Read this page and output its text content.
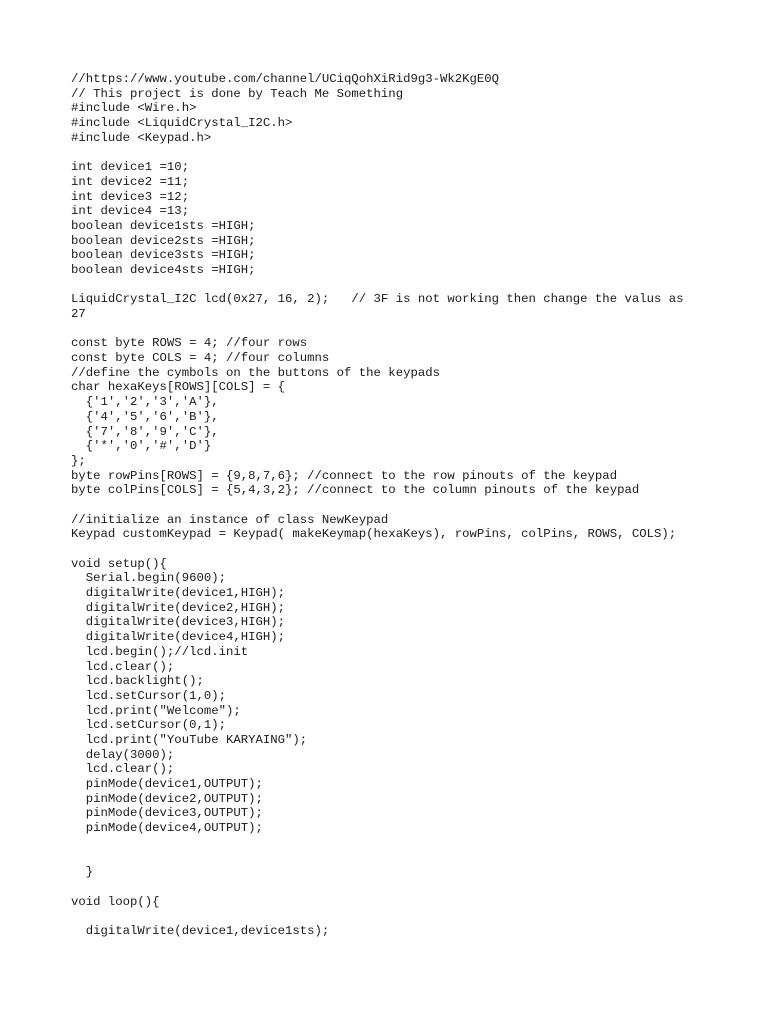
//https://www.youtube.com/channel/UCiqQohXiRid9g3-Wk2KgE0Q
// This project is done by Teach Me Something
#include <Wire.h>
#include <LiquidCrystal_I2C.h>
#include <Keypad.h>
int device1 =10;
int device2 =11;
int device3 =12;
int device4 =13;
boolean device1sts =HIGH;
boolean device2sts =HIGH;
boolean device3sts =HIGH;
boolean device4sts =HIGH;
LiquidCrystal_I2C lcd(0x27, 16, 2);   // 3F is not working then change the valus as
27
const byte ROWS = 4; //four rows
const byte COLS = 4; //four columns
//define the cymbols on the buttons of the keypads
char hexaKeys[ROWS][COLS] = {
{'1','2','3','A'},
{'4','5','6','B'},
{'7','8','9','C'},
{'*','0','#','D'}
};
byte rowPins[ROWS] = {9,8,7,6}; //connect to the row pinouts of the keypad
byte colPins[COLS] = {5,4,3,2}; //connect to the column pinouts of the keypad
//initialize an instance of class NewKeypad
Keypad customKeypad = Keypad( makeKeymap(hexaKeys), rowPins, colPins, ROWS, COLS);
void setup(){
Serial.begin(9600);
digitalWrite(device1,HIGH);
digitalWrite(device2,HIGH);
digitalWrite(device3,HIGH);
digitalWrite(device4,HIGH);
lcd.begin();//lcd.init
lcd.clear();
lcd.backlight();
lcd.setCursor(1,0);
lcd.print("Welcome");
lcd.setCursor(0,1);
lcd.print("YouTube KARYAING");
delay(3000);
lcd.clear();
pinMode(device1,OUTPUT);
pinMode(device2,OUTPUT);
pinMode(device3,OUTPUT);
pinMode(device4,OUTPUT);
}
void loop(){
digitalWrite(device1,device1sts);
